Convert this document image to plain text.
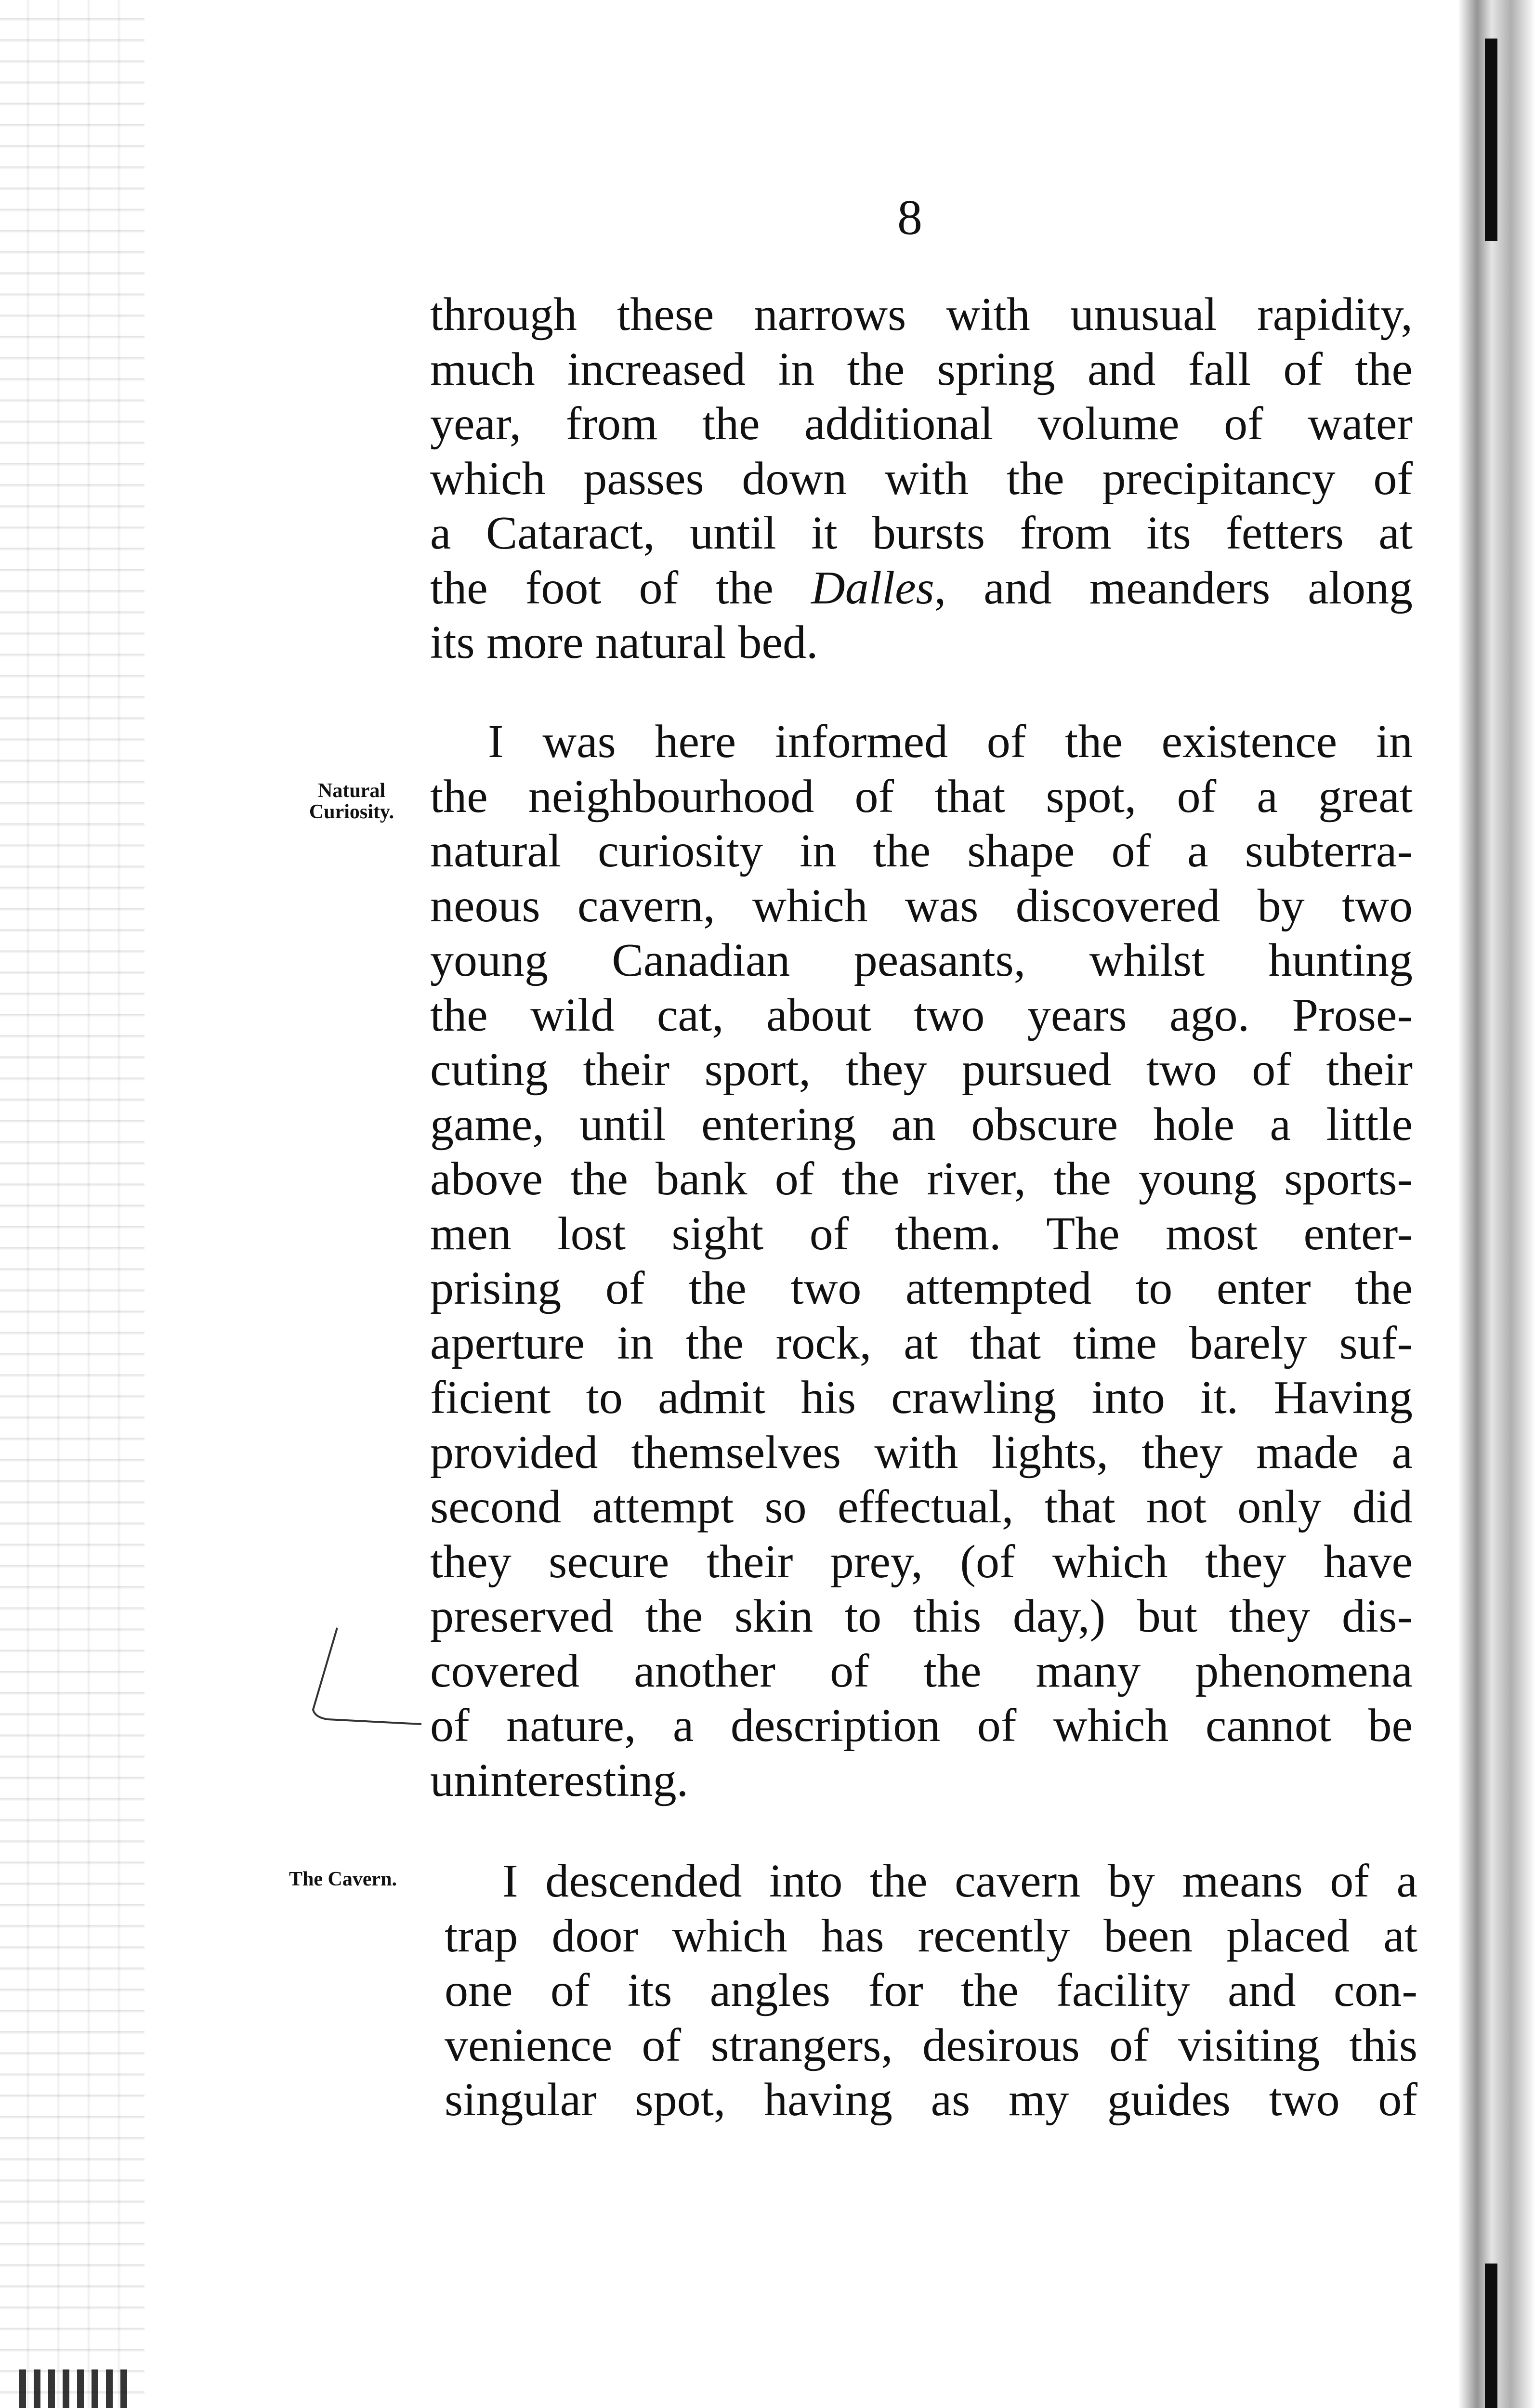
8
through these narrows with unusual rapidity,
much increased in the spring and fall of the
year, from the additional volume of water
which passes down with the precipitancy of
a Cataract, until it bursts from its fetters at
the foot of the Dalles, and meanders along
its more natural bed.
Natural
Curiosity.
I was here informed of the existence in
the neighbourhood of that spot, of a great
natural curiosity in the shape of a subterra-
neous cavern, which was discovered by two
young Canadian peasants, whilst hunting
the wild cat, about two years ago. Prose-
cuting their sport, they pursued two of their
game, until entering an obscure hole a little
above the bank of the river, the young sports-
men lost sight of them. The most enter-
prising of the two attempted to enter the
aperture in the rock, at that time barely suf-
ficient to admit his crawling into it. Having
provided themselves with lights, they made a
second attempt so effectual, that not only did
they secure their prey, (of which they have
preserved the skin to this day,) but they dis-
covered another of the many phenomena
of nature, a description of which cannot be
uninteresting.
The Cavern.	I descended into the cavern by means of a
trap door which has recently been placed at
one of its angles for the facility and con-
venience of strangers, desirous of visiting this
singular spot, having as my guides two of
